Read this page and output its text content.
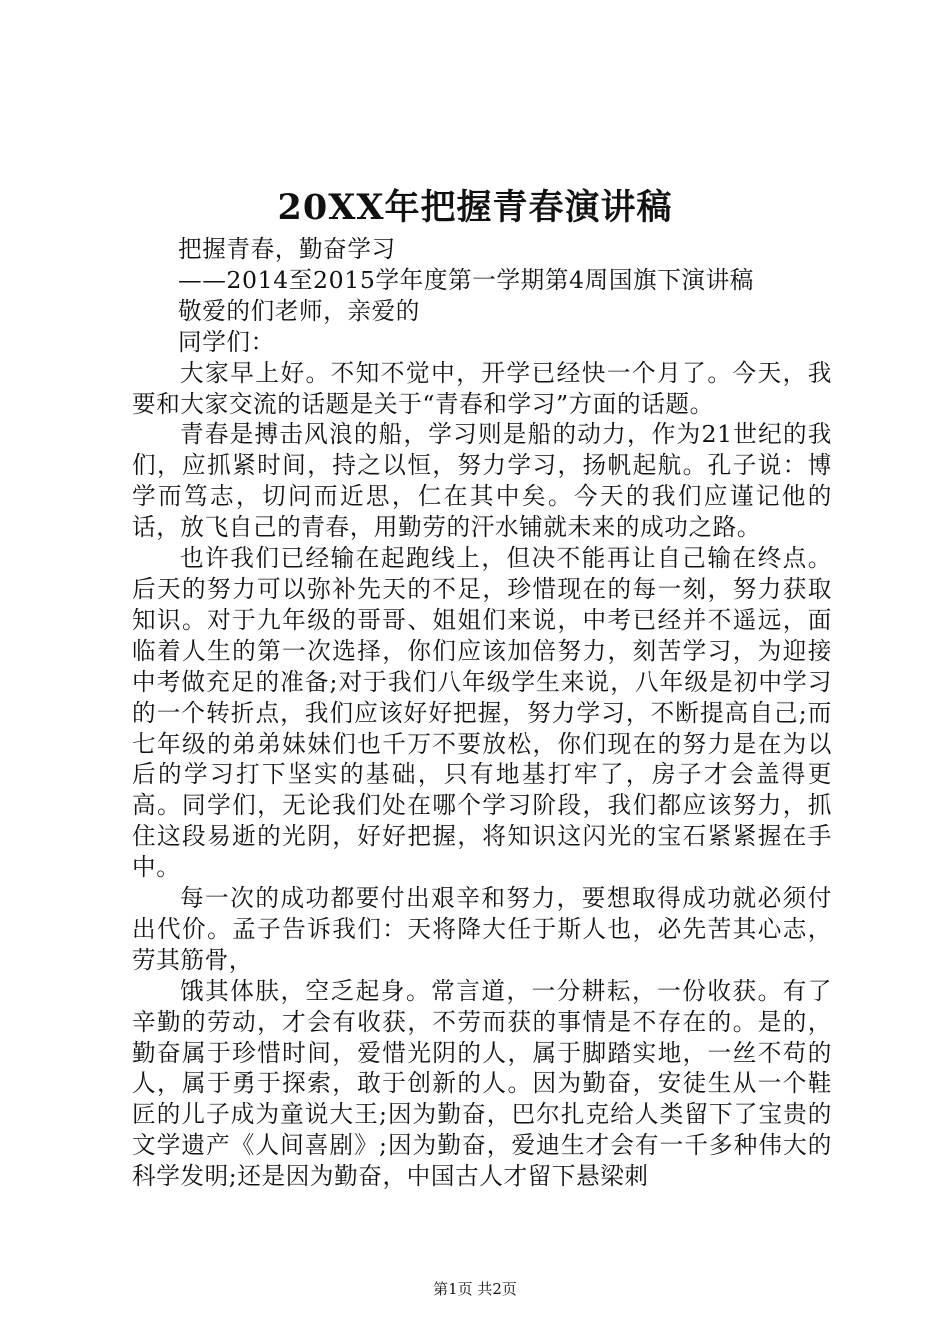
20XX年把握青春演讲稿
把握青春，勤奋学习
——2014至2015学年度第一学期第4周国旗下演讲稿
敬爱的们老师，亲爱的
同学们：

大家早上好。不知不觉中，开学已经快一个月了。今天，我要和大家交流的话题是关于“青春和学习”方面的话题。

青春是搏击风浪的船，学习则是船的动力，作为21世纪的我们，应抓紧时间，持之以恒，努力学习，扬帆起航。孔子说：博学而笃志，切问而近思，仁在其中矣。今天的我们应谨记他的话，放飞自己的青春，用勤劳的汗水铺就未来的成功之路。

也许我们已经输在起跑线上，但决不能再让自己输在终点。后天的努力可以弥补先天的不足，珍惜现在的每一刻，努力获取知识。对于九年级的哥哥、姐姐们来说，中考已经并不遥远，面临着人生的第一次选择，你们应该加倍努力，刻苦学习，为迎接中考做充足的准备;对于我们八年级学生来说，八年级是初中学习的一个转折点，我们应该好好把握，努力学习，不断提高自己;而七年级的弟弟妹妹们也千万不要放松，你们现在的努力是在为以后的学习打下坚实的基础，只有地基打牢了，房子才会盖得更高。同学们，无论我们处在哪个学习阶段，我们都应该努力，抓住这段易逝的光阴，好好把握，将知识这闪光的宝石紧紧握在手中。

每一次的成功都要付出艰辛和努力，要想取得成功就必须付出代价。孟子告诉我们：天将降大任于斯人也，必先苦其心志，劳其筋骨，

饿其体肤，空乏起身。常言道，一分耕耘，一份收获。有了辛勤的劳动，才会有收获，不劳而获的事情是不存在的。是的，勤奋属于珍惜时间，爱惜光阴的人，属于脚踏实地，一丝不苟的人，属于勇于探索，敢于创新的人。因为勤奋，安徒生从一个鞋匠的儿子成为童说大王;因为勤奋，巴尔扎克给人类留下了宝贵的文学遗产《人间喜剧》;因为勤奋，爱迪生才会有一千多种伟大的科学发明;还是因为勤奋，中国古人才留下悬梁刺

第1页 共2页
